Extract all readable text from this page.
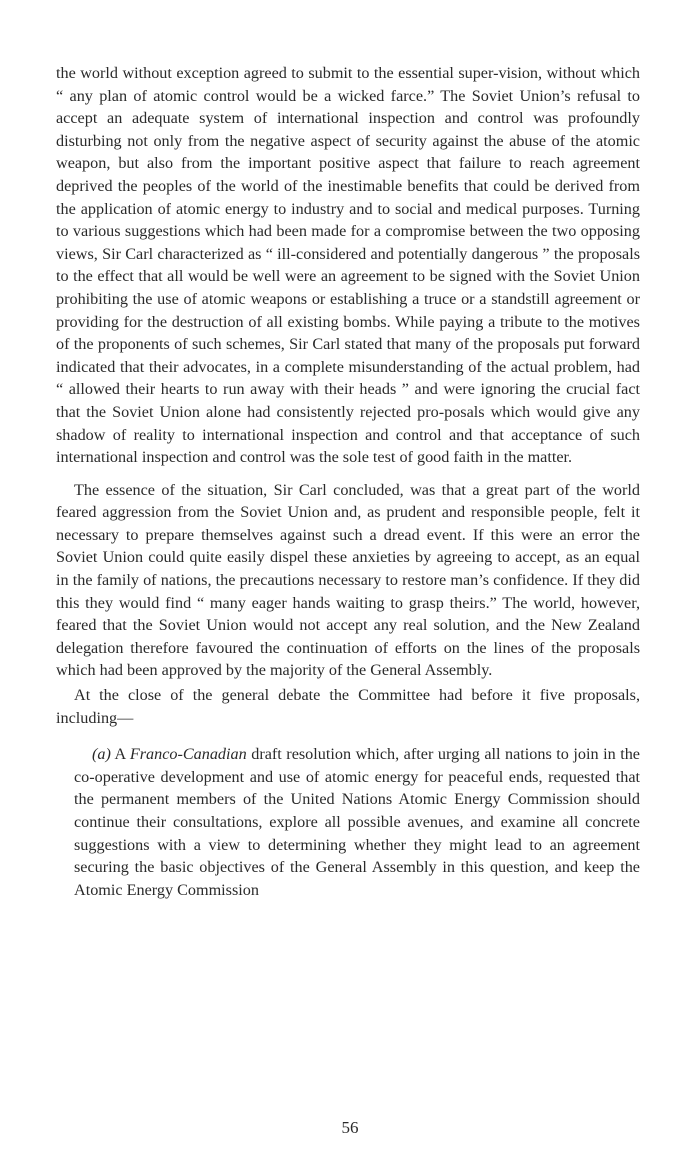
the world without exception agreed to submit to the essential super-vision, without which “ any plan of atomic control would be a wicked farce.” The Soviet Union’s refusal to accept an adequate system of international inspection and control was profoundly disturbing not only from the negative aspect of security against the abuse of the atomic weapon, but also from the important positive aspect that failure to reach agreement deprived the peoples of the world of the inestimable benefits that could be derived from the application of atomic energy to industry and to social and medical purposes. Turning to various suggestions which had been made for a compromise between the two opposing views, Sir Carl characterized as “ ill-considered and potentially dangerous ” the proposals to the effect that all would be well were an agreement to be signed with the Soviet Union prohibiting the use of atomic weapons or establishing a truce or a standstill agreement or providing for the destruction of all existing bombs. While paying a tribute to the motives of the proponents of such schemes, Sir Carl stated that many of the proposals put forward indicated that their advocates, in a complete misunderstanding of the actual problem, had “ allowed their hearts to run away with their heads ” and were ignoring the crucial fact that the Soviet Union alone had consistently rejected pro-posals which would give any shadow of reality to international inspection and control and that acceptance of such international inspection and control was the sole test of good faith in the matter.

The essence of the situation, Sir Carl concluded, was that a great part of the world feared aggression from the Soviet Union and, as prudent and responsible people, felt it necessary to prepare themselves against such a dread event. If this were an error the Soviet Union could quite easily dispel these anxieties by agreeing to accept, as an equal in the family of nations, the precautions necessary to restore man’s confidence. If they did this they would find “ many eager hands waiting to grasp theirs.” The world, however, feared that the Soviet Union would not accept any real solution, and the New Zealand delegation therefore favoured the continuation of efforts on the lines of the proposals which had been approved by the majority of the General Assembly.

At the close of the general debate the Committee had before it five proposals, including—

(a) A Franco-Canadian draft resolution which, after urging all nations to join in the co-operative development and use of atomic energy for peaceful ends, requested that the permanent members of the United Nations Atomic Energy Commission should continue their consultations, explore all possible avenues, and examine all concrete suggestions with a view to determining whether they might lead to an agreement securing the basic objectives of the General Assembly in this question, and keep the Atomic Energy Commission

56
